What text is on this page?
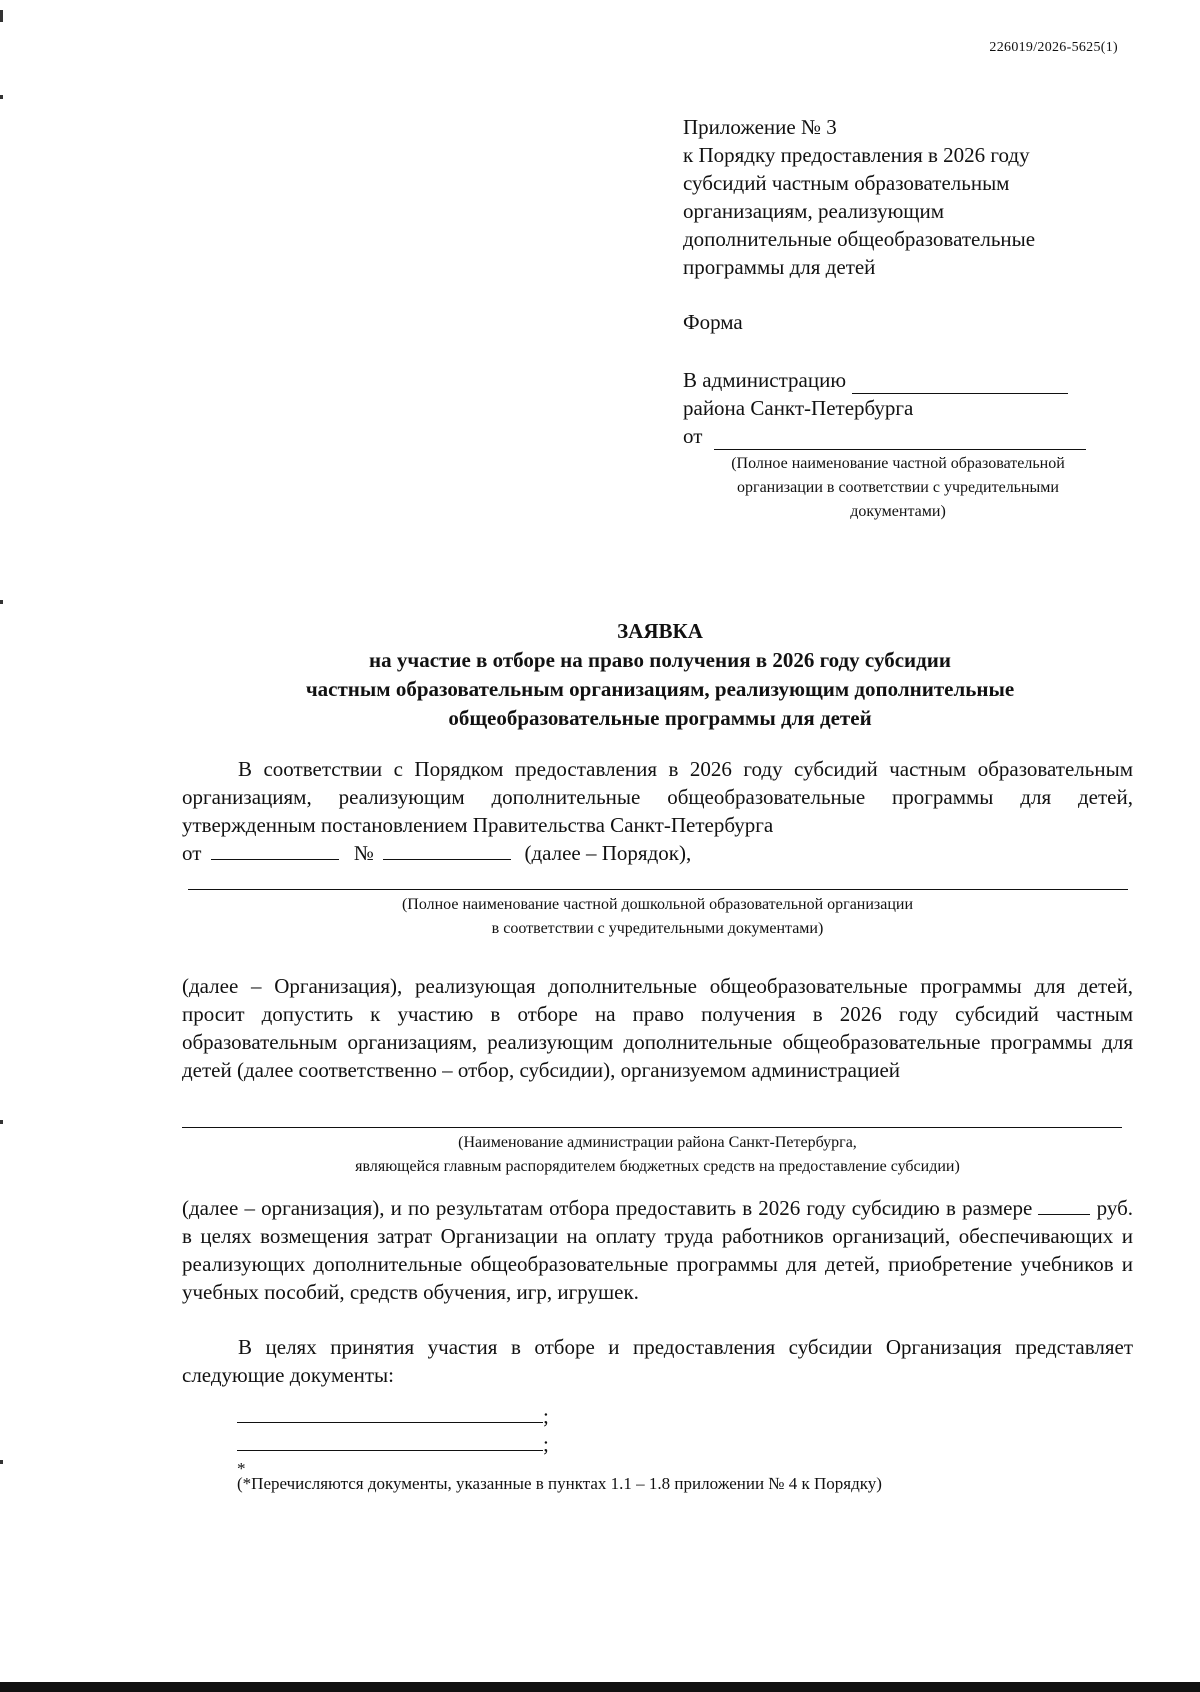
226019/2026-5625(1)
Приложение № 3
к Порядку предоставления в 2026 году
субсидий частным образовательным
организациям, реализующим
дополнительные общеобразовательные
программы для детей
Форма
В администрацию
района Санкт-Петербурга
от
(Полное наименование частной образовательной
организации в соответствии с учредительными
документами)
ЗАЯВКА
на участие в отборе на право получения в 2026 году субсидии
частным образовательным организациям, реализующим дополнительные
общеобразовательные программы для детей

В соответствии с Порядком предоставления в 2026 году субсидий частным образовательным организациям, реализующим дополнительные общеобразовательные программы для детей, утвержденным постановлением Правительства Санкт-Петербурга

от	№	(далее – Порядок),
(Полное наименование частной дошкольной образовательной организации
в соответствии с учредительными документами)

(далее – Организация), реализующая дополнительные общеобразовательные программы для детей, просит допустить к участию в отборе на право получения в 2026 году субсидий частным образовательным организациям, реализующим дополнительные общеобразовательные программы для детей (далее соответственно – отбор, субсидии), организуемом администрацией

(Наименование администрации района Санкт-Петербурга,
являющейся главным распорядителем бюджетных средств на предоставление субсидии)

(далее – организация), и по результатам отбора предоставить в 2026 году субсидию в размере	руб. в целях возмещения затрат Организации на оплату труда работников организаций, обеспечивающих и реализующих дополнительные общеобразовательные программы для детей, приобретение учебников и учебных пособий, средств обучения, игр, игрушек.

В целях принятия участия в отборе и предоставления субсидии Организация представляет следующие документы:

;
;
*
(*Перечисляются документы, указанные в пунктах 1.1 – 1.8 приложении № 4 к Порядку)
